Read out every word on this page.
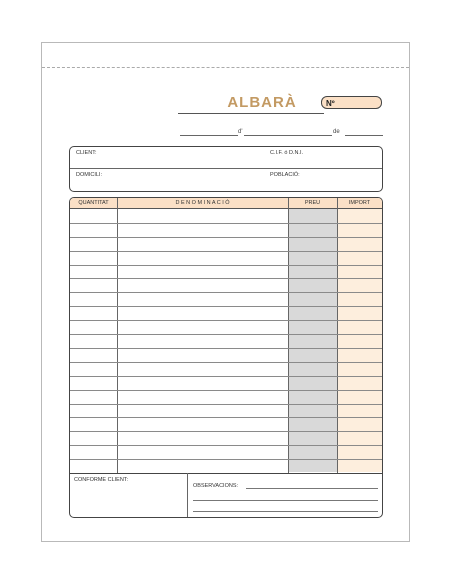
ALBARÀ	Nº
d'	de
CLIENT:	C.I.F. ó D.N.I.
DOMICILI:	POBLACIÓ:
QUANTITAT	D E N O M I N A C I Ó	PREU	IMPORT
CONFORME CLIENT:
OBSERVACIONS:
